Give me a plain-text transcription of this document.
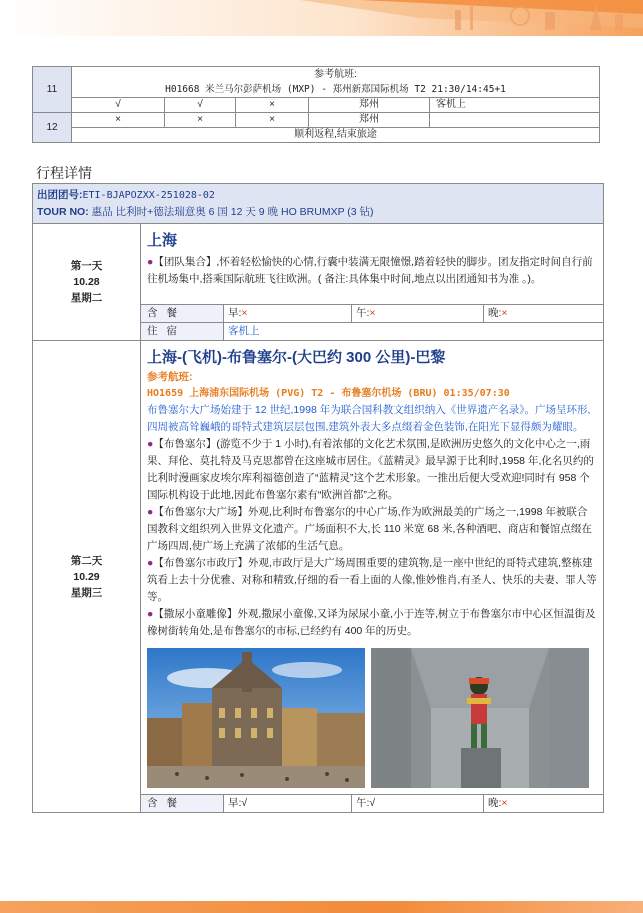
11	参考航班:
H01668 米兰马尔彭萨机场 (MXP) - 郑州新郑国际机场 T2 21:30/14:45+1				

	√	√	×	郑州	客机上
12	×	×	×	郑州	
	顺利返程,结束旅途				
行程详情
出团团号:ETI-BJAPOZXX-251028-02
TOUR NO: 惠品 比利时+德法瑞意奥 6 国 12 天 9 晚 HO BRUMXP (3 钻)
第一天
10.28
星期二
上海
●【团队集合】,怀着轻松愉快的心情,行囊中装满无限憧憬,踏着轻快的脚步。团友指定时间自行前往机场集中,搭乘国际航班飞往欧洲。( 备注:具体集中时间,地点以出团通知书为准 。)。
含餐	早:×	午:×	晚:×
住宿	客机上
第二天
10.29
星期三
上海-(飞机)-布鲁塞尔-(大巴约 300 公里)-巴黎
参考航班:
HO1659 上海浦东国际机场 (PVG) T2 - 布鲁塞尔机场 (BRU) 01:35/07:30
布鲁塞尔大广场始建于 12 世纪,1998 年为联合国科教文组织纳入《世界遗产名录》。广场呈环形,四周被高耸巍峨的哥特式建筑层层包围,建筑外表大多点缀着金色装饰,在阳光下显得颇为耀眼。
●【布鲁塞尔】(游览不少于 1 小时),有着浓郁的文化艺术氛围,是欧洲历史悠久的文化中心之一,雨果、拜伦、莫扎特及马克思都曾在这座城市居住。《蓝精灵》最早源于比利时,1958 年,化名贝约的比利时漫画家皮埃尔库利福德创造了“蓝精灵”这个艺术形象。一推出后便大受欢迎!同时有 958 个国际机构设于此地,因此布鲁塞尔素有“欧洲首都”之称。
●【布鲁塞尔大广场】外观,比利时布鲁塞尔的中心广场,作为欧洲最美的广场之一,1998 年被联合国教科文组织列入世界文化遗产。广场面积不大,长 110 米宽 68 米,各种酒吧、商店和餐馆点缀在广场四周,使广场上充满了浓郁的生活气息。
●【布鲁塞尔市政厅】外观,市政厅是大广场周围重要的建筑物,是一座中世纪的哥特式建筑,整栋建筑看上去十分优雅、对称和精致,仔细的看一看上面的人像,惟妙惟肖,有圣人、快乐的夫妻、罪人等等。
●【撒尿小童雕像】外观,撒尿小童像,又译为尿尿小童,小于连等,树立于布鲁塞尔市中心区恒温街及橡树街转角处,是布鲁塞尔的市标,已经约有 400 年的历史。
含餐	早:√	午:√	晚:×
